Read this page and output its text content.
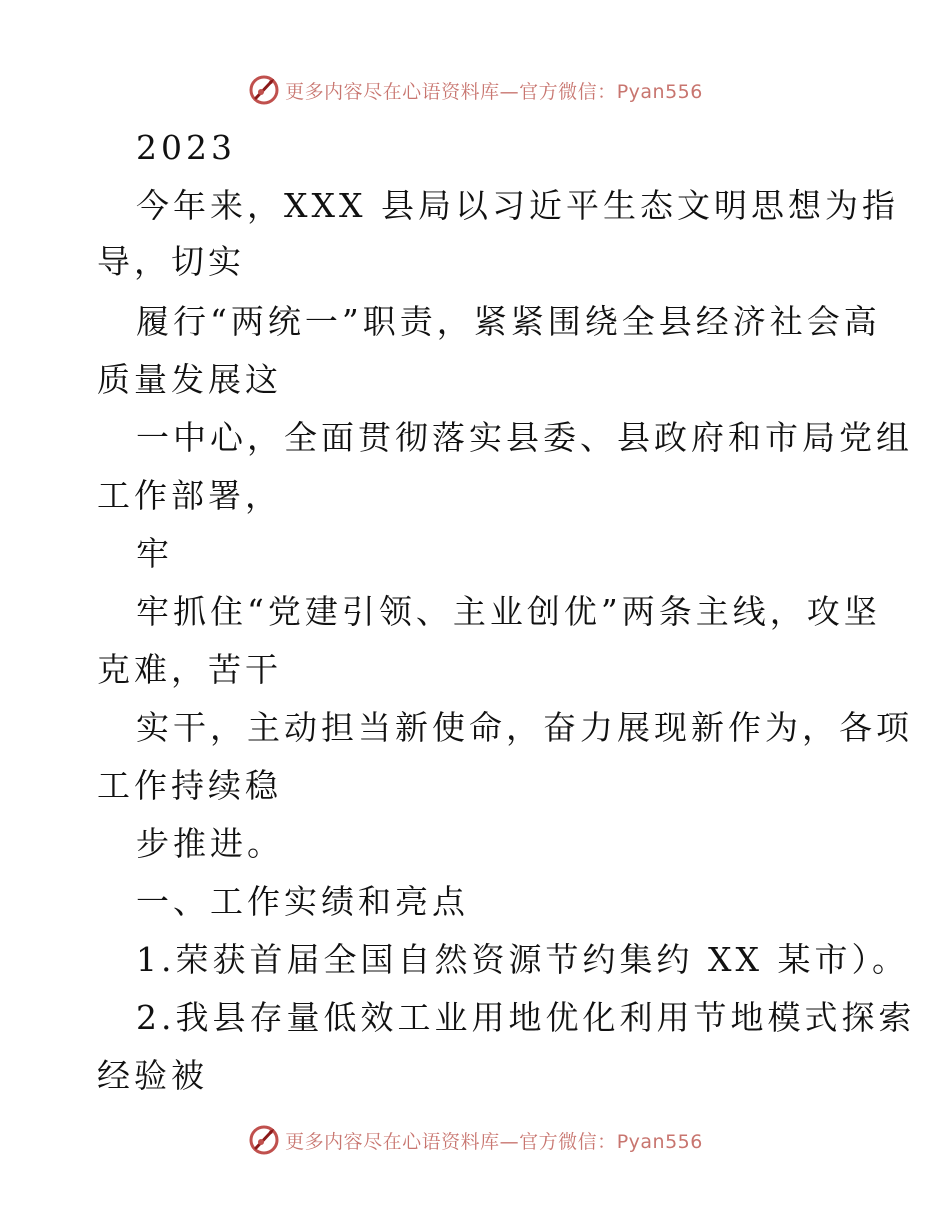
更多内容尽在心语资料库—官方微信：Pyan556
2023
今年来，XXX 县局以习近平生态文明思想为指
导，切实
履行“两统一”职责，紧紧围绕全县经济社会高
质量发展这
一中心，全面贯彻落实县委、县政府和市局党组
工作部署，
牢
牢抓住“党建引领、主业创优”两条主线，攻坚
克难，苦干
实干，主动担当新使命，奋力展现新作为，各项
工作持续稳
步推进。
一、工作实绩和亮点
1.荣获首届全国自然资源节约集约 XX 某市）。
2.我县存量低效工业用地优化利用节地模式探索
经验被
更多内容尽在心语资料库—官方微信：Pyan556
